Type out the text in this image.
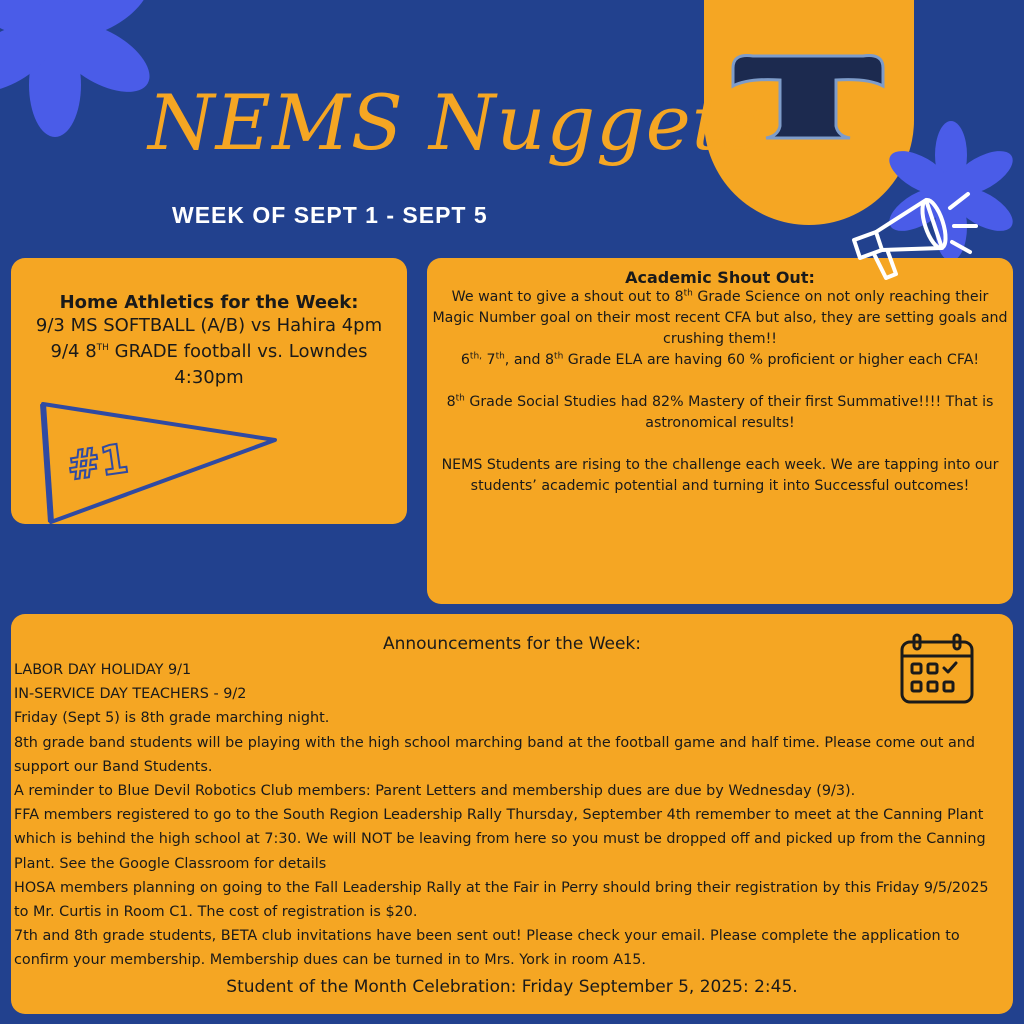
NEMS Nuggets
WEEK OF SEPT 1 - SEPT 5
Home Athletics for the Week:
9/3 MS SOFTBALL (A/B) vs Hahira 4pm
9/4 8TH GRADE football vs. Lowndes
4:30pm
#1
Academic Shout Out:
We want to give a shout out to 8th Grade Science on not only reaching their Magic Number goal on their most recent CFA but also, they are setting goals and crushing them!!
$6^{th,}$ 7th, and 8th Grade ELA are having 60 % proficient or higher each CFA!
8th Grade Social Studies had 82% Mastery of their first Summative!!!! That is astronomical results!
NEMS Students are rising to the challenge each week. We are tapping into our students’ academic potential and turning it into Successful outcomes!
Announcements for the Week:
LABOR DAY HOLIDAY 9/1
IN-SERVICE DAY TEACHERS - 9/2
Friday (Sept 5) is 8th grade marching night.
8th grade band students will be playing with the high school marching band at the football game and half time. Please come out and support our Band Students.
A reminder to Blue Devil Robotics Club members: Parent Letters and membership dues are due by Wednesday (9/3).
FFA members registered to go to the South Region Leadership Rally Thursday, September 4th remember to meet at the Canning Plant which is behind the high school at 7:30. We will NOT be leaving from here so you must be dropped off and picked up from the Canning Plant. See the Google Classroom for details
HOSA members planning on going to the Fall Leadership Rally at the Fair in Perry should bring their registration by this Friday 9/5/2025 to Mr. Curtis in Room C1. The cost of registration is $20.
7th and 8th grade students, BETA club invitations have been sent out! Please check your email. Please complete the application to confirm your membership. Membership dues can be turned in to Mrs. York in room A15.
Student of the Month Celebration: Friday September 5, 2025: 2:45.
